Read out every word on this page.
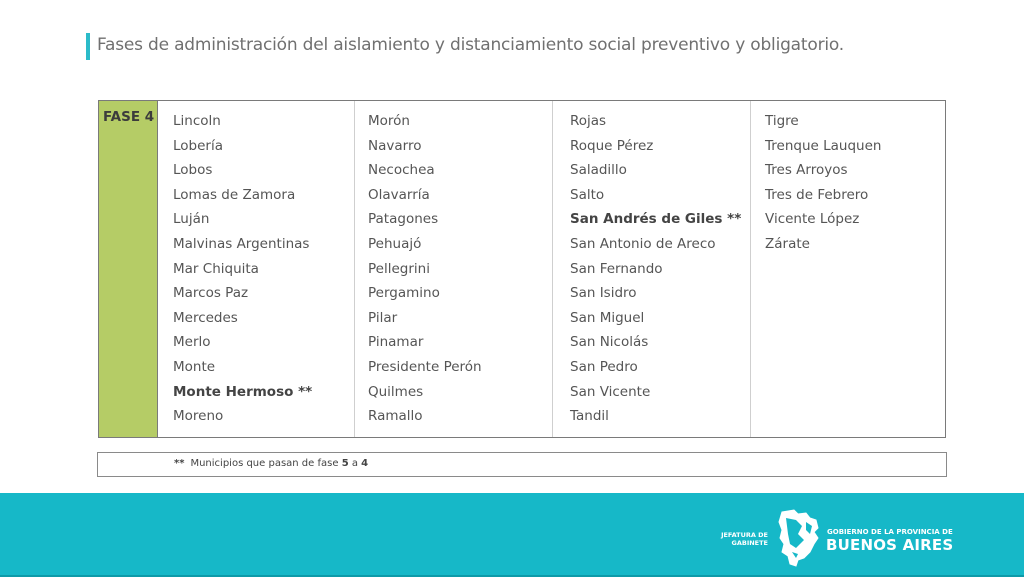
Fases de administración del aislamiento y distanciamiento social preventivo y obligatorio.
FASE 4 Lincoln
Lobería
Lobos
Lomas de Zamora
Luján
Malvinas Argentinas
Mar Chiquita
Marcos Paz
Mercedes
Merlo
Monte
Monte Hermoso **
Moreno
Morón
Navarro
Necochea
Olavarría
Patagones
Pehuajó
Pellegrini
Pergamino
Pilar
Pinamar
Presidente Perón
Quilmes
Ramallo
Rojas
Roque Pérez
Saladillo
Salto
San Andrés de Giles **
San Antonio de Areco
San Fernando
San Isidro
San Miguel
San Nicolás
San Pedro
San Vicente
Tandil
Tigre
Trenque Lauquen
Tres Arroyos
Tres de Febrero
Vicente López
Zárate
** Municipios que pasan de fase 5 a 4
JEFATURA DE
GABINETE
GOBIERNO DE LA PROVINCIA DE
BUENOS AIRES
